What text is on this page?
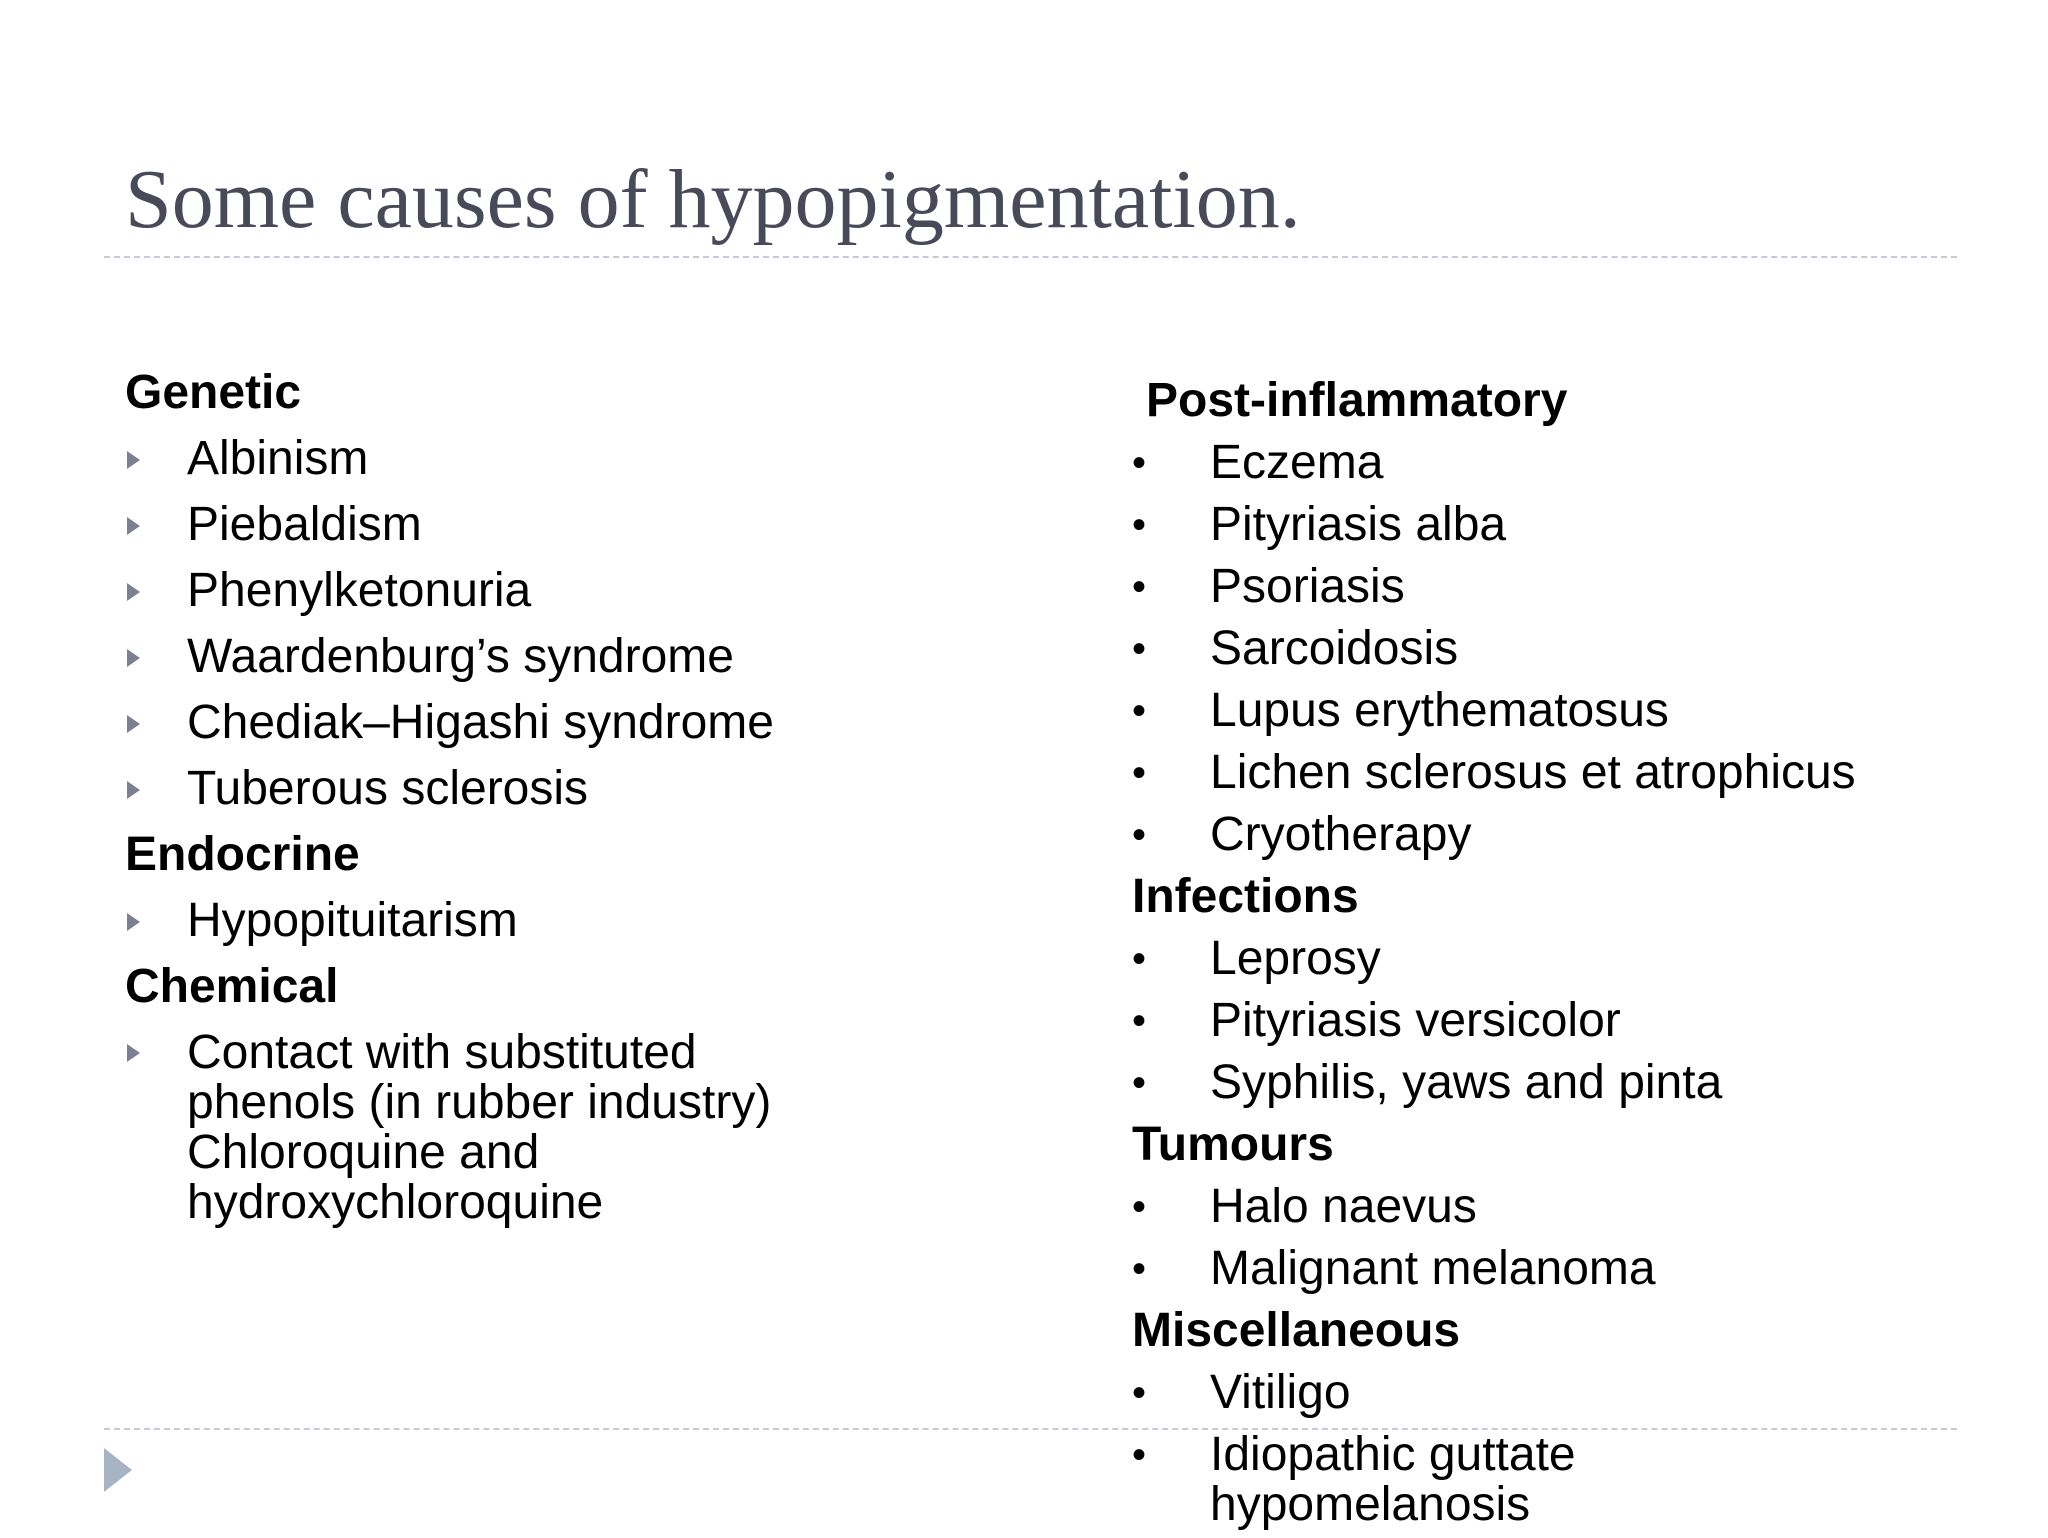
Some causes of hypopigmentation.
Genetic
Albinism
Piebaldism
Phenylketonuria
Waardenburg’s syndrome
Chediak–Higashi syndrome
Tuberous sclerosis
Endocrine
Hypopituitarism
Chemical
Contact with substituted
phenols (in rubber industry)
Chloroquine and
hydroxychloroquine
Post-inflammatory
• Eczema
• Pityriasis alba
• Psoriasis
• Sarcoidosis
• Lupus erythematosus
• Lichen sclerosus et atrophicus
• Cryotherapy
Infections
• Leprosy
• Pityriasis versicolor
• Syphilis, yaws and pinta
Tumours
• Halo naevus
• Malignant melanoma
Miscellaneous
• Vitiligo
• Idiopathic guttate
hypomelanosis
